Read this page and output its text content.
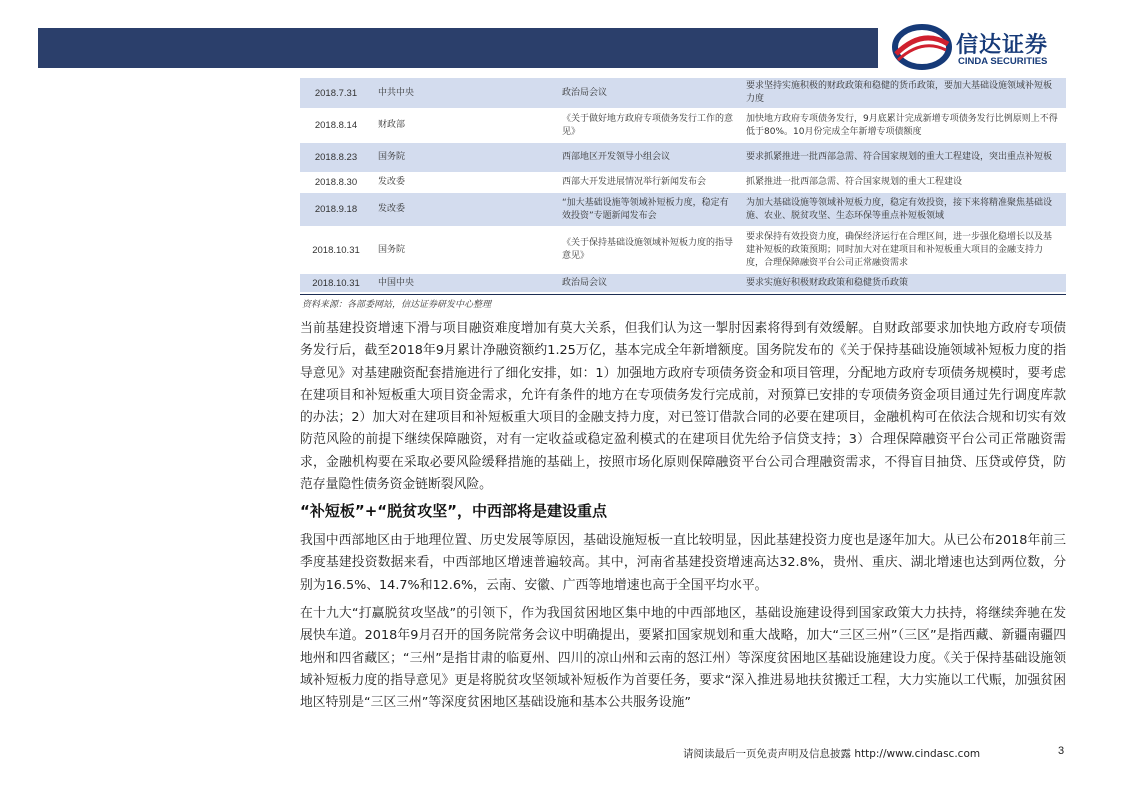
信达证券
CINDA SECURITIES
2018.7.31	中共中央	政治局会议	要求坚持实施积极的财政政策和稳健的货币政策，要加大基础设施领域补短板力度
2018.8.14	财政部	《关于做好地方政府专项债务发行工作的意见》	加快地方政府专项债务发行，9月底累计完成新增专项债务发行比例原则上不得低于80%。10月份完成全年新增专项债额度
2018.8.23	国务院	西部地区开发领导小组会议	要求抓紧推进一批西部急需、符合国家规划的重大工程建设，突出重点补短板
2018.8.30	发改委	西部大开发进展情况举行新闻发布会	抓紧推进一批西部急需、符合国家规划的重大工程建设
2018.9.18	发改委	“加大基础设施等领域补短板力度，稳定有效投资”专题新闻发布会	为加大基础设施等领域补短板力度，稳定有效投资，接下来将精准聚焦基础设施、农业、脱贫攻坚、生态环保等重点补短板领域
2018.10.31	国务院	《关于保持基础设施领域补短板力度的指导意见》	要求保持有效投资力度，确保经济运行在合理区间，进一步强化稳增长以及基建补短板的政策预期；同时加大对在建项目和补短板重大项目的金融支持力度，合理保障融资平台公司正常融资需求
2018.10.31	中国中央	政治局会议	要求实施好积极财政政策和稳健货币政策
资料来源：各部委网站，信达证券研发中心整理

当前基建投资增速下滑与项目融资难度增加有莫大关系，但我们认为这一掣肘因素将得到有效缓解。自财政部要求加快地方政府专项债务发行后，截至2018年9月累计净融资额约1.25万亿，基本完成全年新增额度。国务院发布的《关于保持基础设施领域补短板力度的指导意见》对基建融资配套措施进行了细化安排，如：1）加强地方政府专项债务资金和项目管理，分配地方政府专项债务规模时，要考虑在建项目和补短板重大项目资金需求，允许有条件的地方在专项债务发行完成前，对预算已安排的专项债务资金项目通过先行调度库款的办法；2）加大对在建项目和补短板重大项目的金融支持力度，对已签订借款合同的必要在建项目，金融机构可在依法合规和切实有效防范风险的前提下继续保障融资，对有一定收益或稳定盈利模式的在建项目优先给予信贷支持；3）合理保障融资平台公司正常融资需求，金融机构要在采取必要风险缓释措施的基础上，按照市场化原则保障融资平台公司合理融资需求，不得盲目抽贷、压贷或停贷，防范存量隐性债务资金链断裂风险。

“补短板”+“脱贫攻坚”，中西部将是建设重点

我国中西部地区由于地理位置、历史发展等原因，基础设施短板一直比较明显，因此基建投资力度也是逐年加大。从已公布2018年前三季度基建投资数据来看，中西部地区增速普遍较高。其中，河南省基建投资增速高达32.8%，贵州、重庆、湖北增速也达到两位数，分别为16.5%、14.7%和12.6%，云南、安徽、广西等地增速也高于全国平均水平。

在十九大“打赢脱贫攻坚战”的引领下，作为我国贫困地区集中地的中西部地区，基础设施建设得到国家政策大力扶持，将继续奔驰在发展快车道。2018年9月召开的国务院常务会议中明确提出，要紧扣国家规划和重大战略，加大“三区三州”（三区”是指西藏、新疆南疆四地州和四省藏区；“三州”是指甘肃的临夏州、四川的凉山州和云南的怒江州）等深度贫困地区基础设施建设力度。《关于保持基础设施领域补短板力度的指导意见》更是将脱贫攻坚领域补短板作为首要任务，要求“深入推进易地扶贫搬迁工程，大力实施以工代赈，加强贫困地区特别是“三区三州”等深度贫困地区基础设施和基本公共服务设施”

请阅读最后一页免责声明及信息披露 http://www.cindasc.com	3
